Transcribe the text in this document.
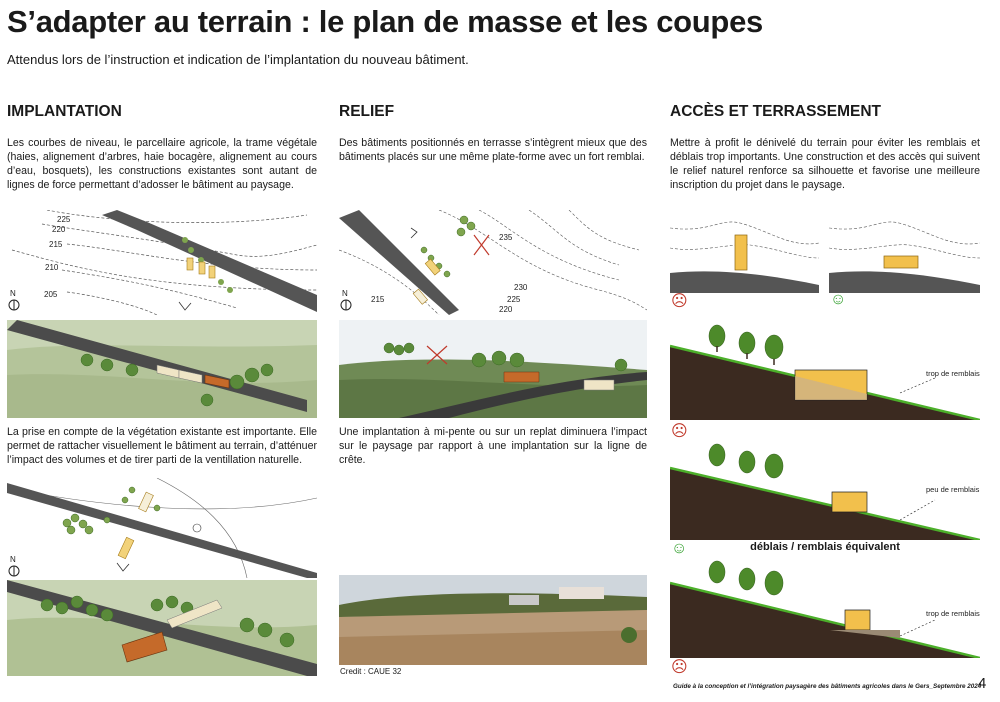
S’adapter au terrain : le plan de masse et les coupes
Attendus lors de l’instruction et indication de l’implantation du nouveau bâtiment.
IMPLANTATION
Les courbes de niveau, le parcellaire agricole, la trame végétale (haies, alignement d’arbres, haie bocagère, alignement au cours d’eau, bosquets), les constructions existantes sont autant de lignes de force permettant d’adosser le bâtiment au paysage.
225
220
215
210
205
N
La prise en compte de la végétation existante est importante. Elle permet de rattacher visuellement le bâtiment au terrain, d’atténuer l’impact des volumes et de tirer parti de la ventillation naturelle.
N
RELIEF
Des bâtiments positionnés en terrasse s’intègrent mieux que des bâtiments placés sur une même plate-forme avec un fort remblai.
235
230
225
220
215
N
Une implantation à mi-pente ou sur un replat diminuera l’impact sur le paysage par rapport à une implantation sur la ligne de crête.
Credit : CAUE 32
ACCÈS ET TERRASSEMENT
Mettre à profit le dénivelé du terrain pour éviter les remblais et déblais trop importants. Une construction et des accès qui suivent le relief naturel renforce sa silhouette et favorise une meilleure inscription du projet dans le paysage.
☹	☺
trop de remblais
☹
peu de remblais
☺	déblais / remblais équivalent
trop de remblais
☹
Guide à la conception et l’intégration paysagère des bâtiments agricoles dans le Gers_Septembre 2024
4
